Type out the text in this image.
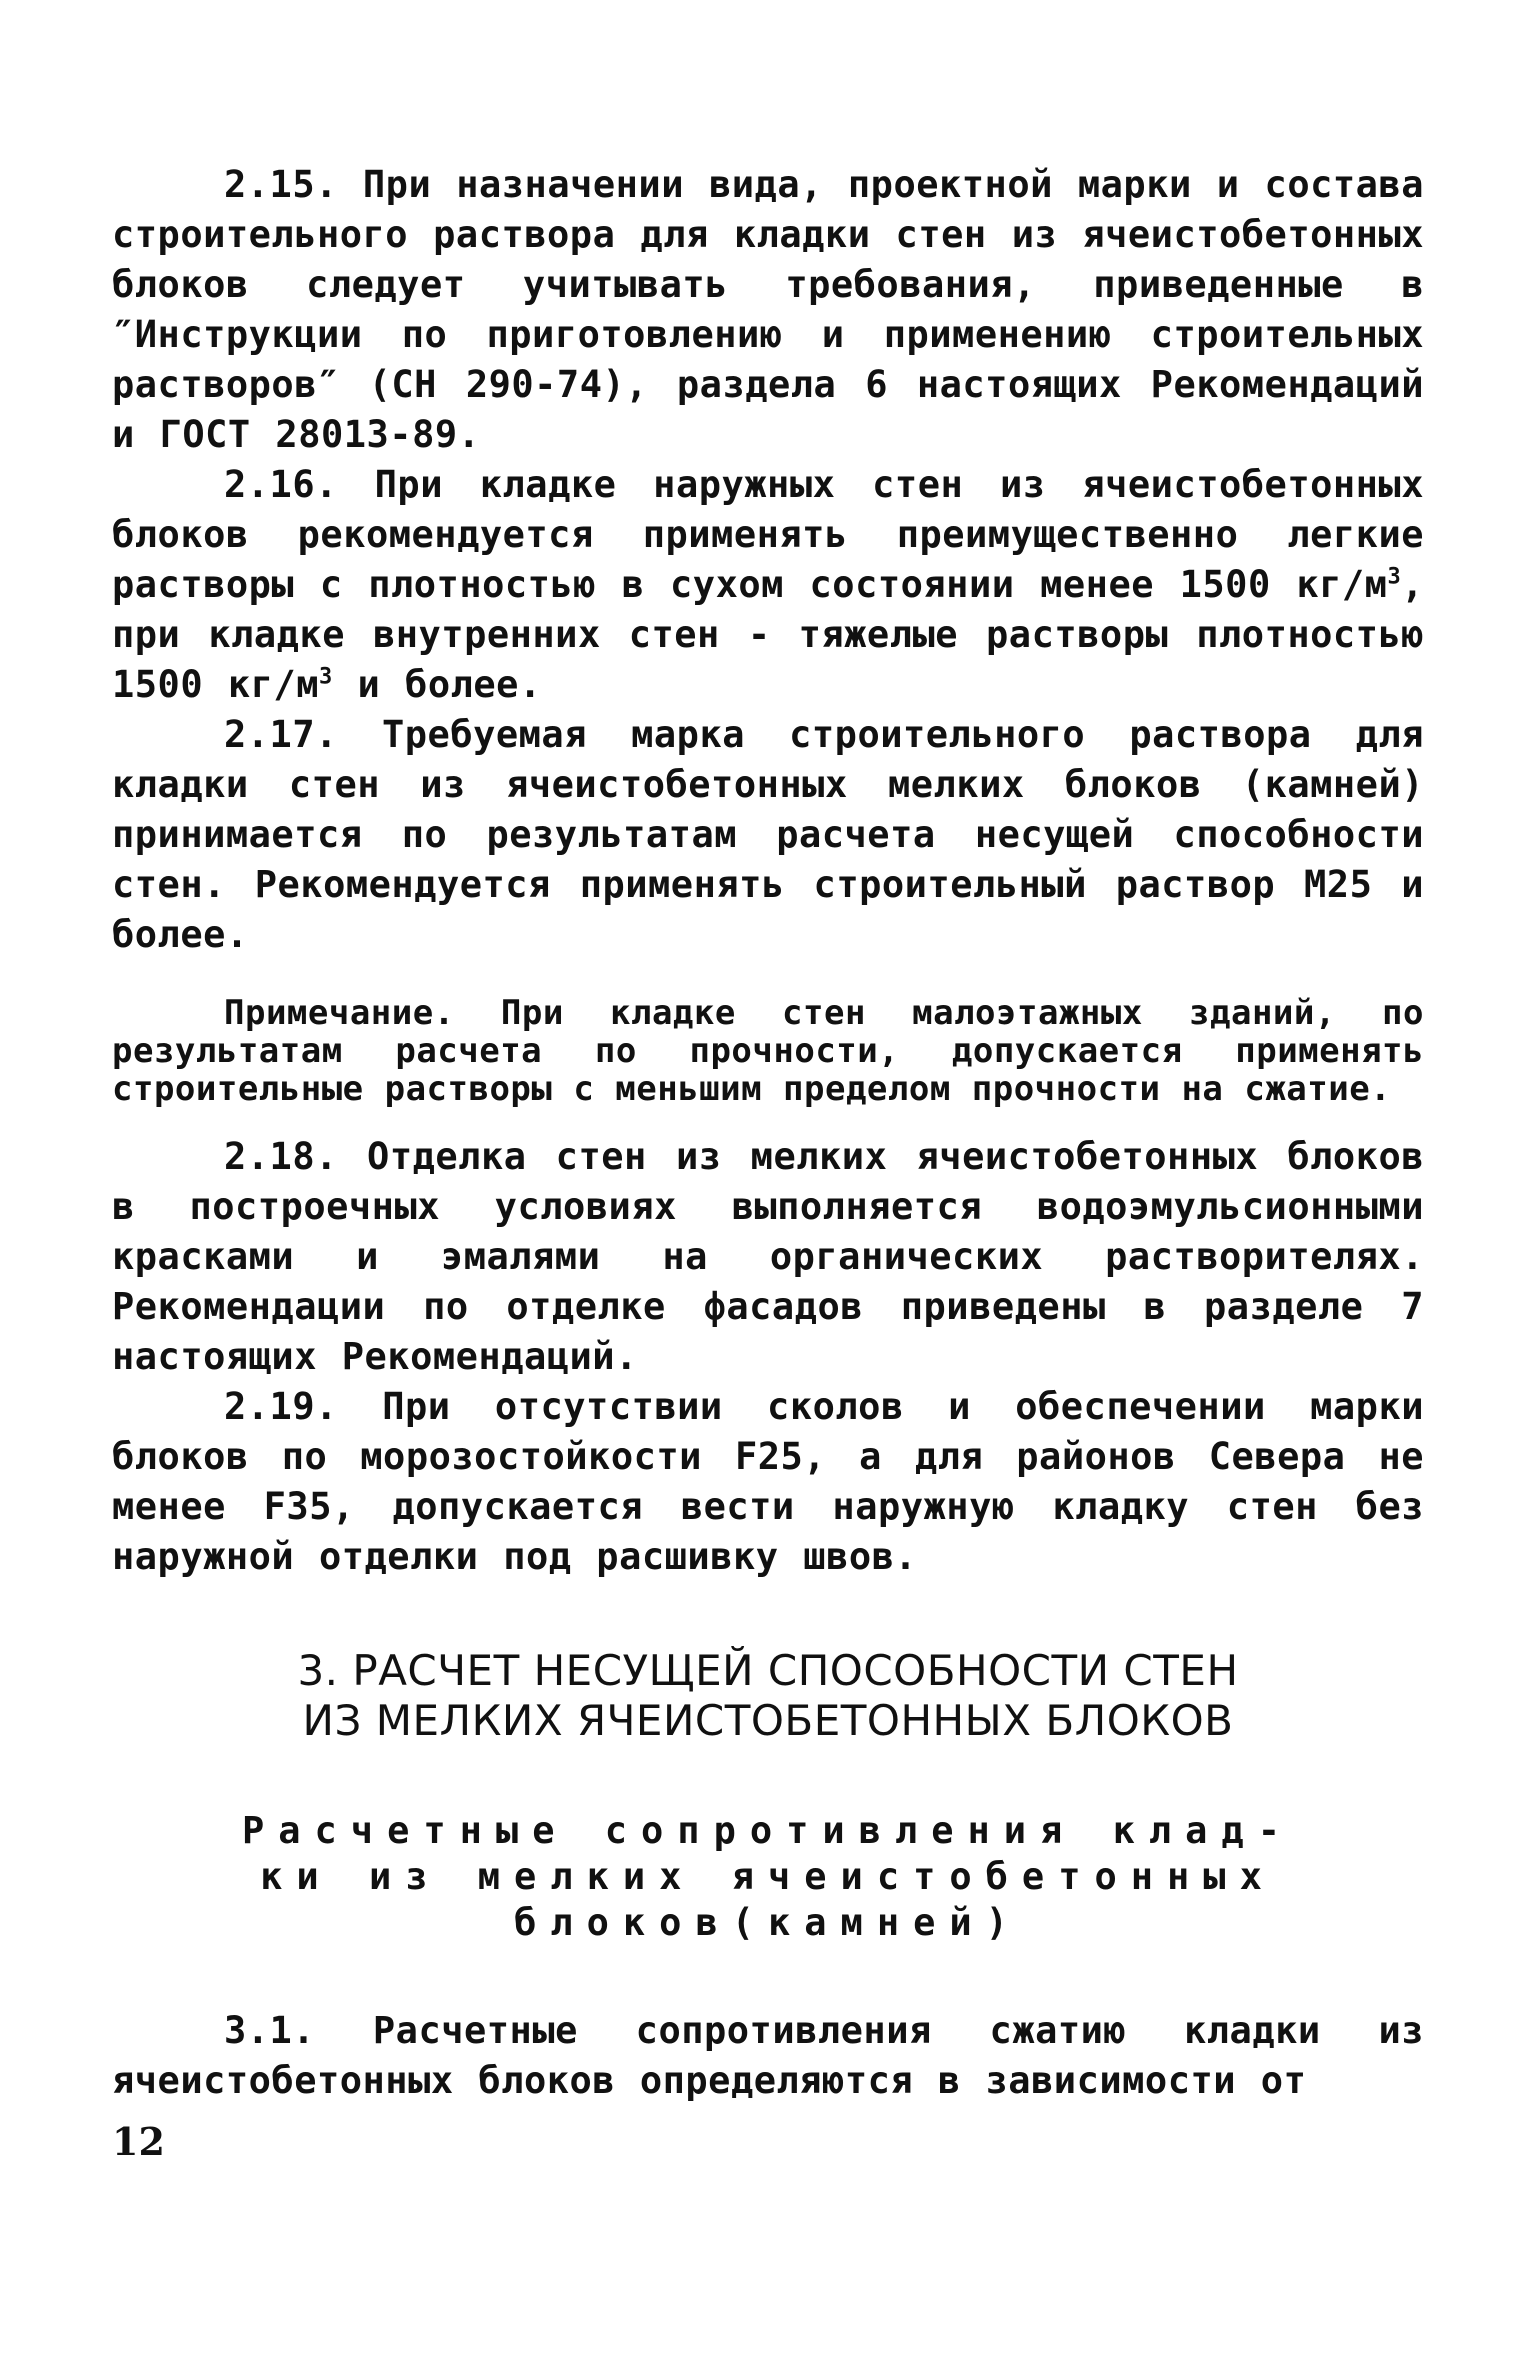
2.15. При назначении вида, проектной марки и состава строительного раствора для кладки стен из ячеистобетонных блоков следует учитывать требования, приведенные в ″Инструкции по приготовлению и применению строительных растворов″ (СН 290-74), раздела 6 настоящих Рекомендаций и ГОСТ 28013-89.

2.16. При кладке наружных стен из ячеистобетонных блоков рекомендуется применять преимущественно легкие растворы с плотностью в сухом состоянии менее 1500 $кг/м^3$, при кладке внутренних стен - тяжелые растворы плотностью 1500 $кг/м^3$ и более.

2.17. Требуемая марка строительного раствора для кладки стен из ячеистобетонных мелких блоков (камней) принимается по результатам расчета несущей способности стен. Рекомендуется применять строительный раствор М25 и более.

Примечание. При кладке стен малоэтажных зданий, по результатам расчета по прочности, допускается применять строительные растворы с меньшим пределом прочности на сжатие.

2.18. Отделка стен из мелких ячеистобетонных блоков в построечных условиях выполняется водоэмульсионными красками и эмалями на органических растворителях. Рекомендации по отделке фасадов приведены в разделе 7 настоящих Рекомендаций.

2.19. При отсутствии сколов и обеспечении марки блоков по морозостойкости F25, а для районов Севера не менее F35, допускается вести наружную кладку стен без наружной отделки под расшивку швов.

3. РАСЧЕТ НЕСУЩЕЙ СПОСОБНОСТИ СТЕН
ИЗ МЕЛКИХ ЯЧЕИСТОБЕТОННЫХ БЛОКОВ
Расчетные сопротивления клад-
ки из мелких ячеистобетонных
блоков(камней)

3.1. Расчетные сопротивления сжатию кладки из ячеистобетонных блоков определяются в зависимости от

12
